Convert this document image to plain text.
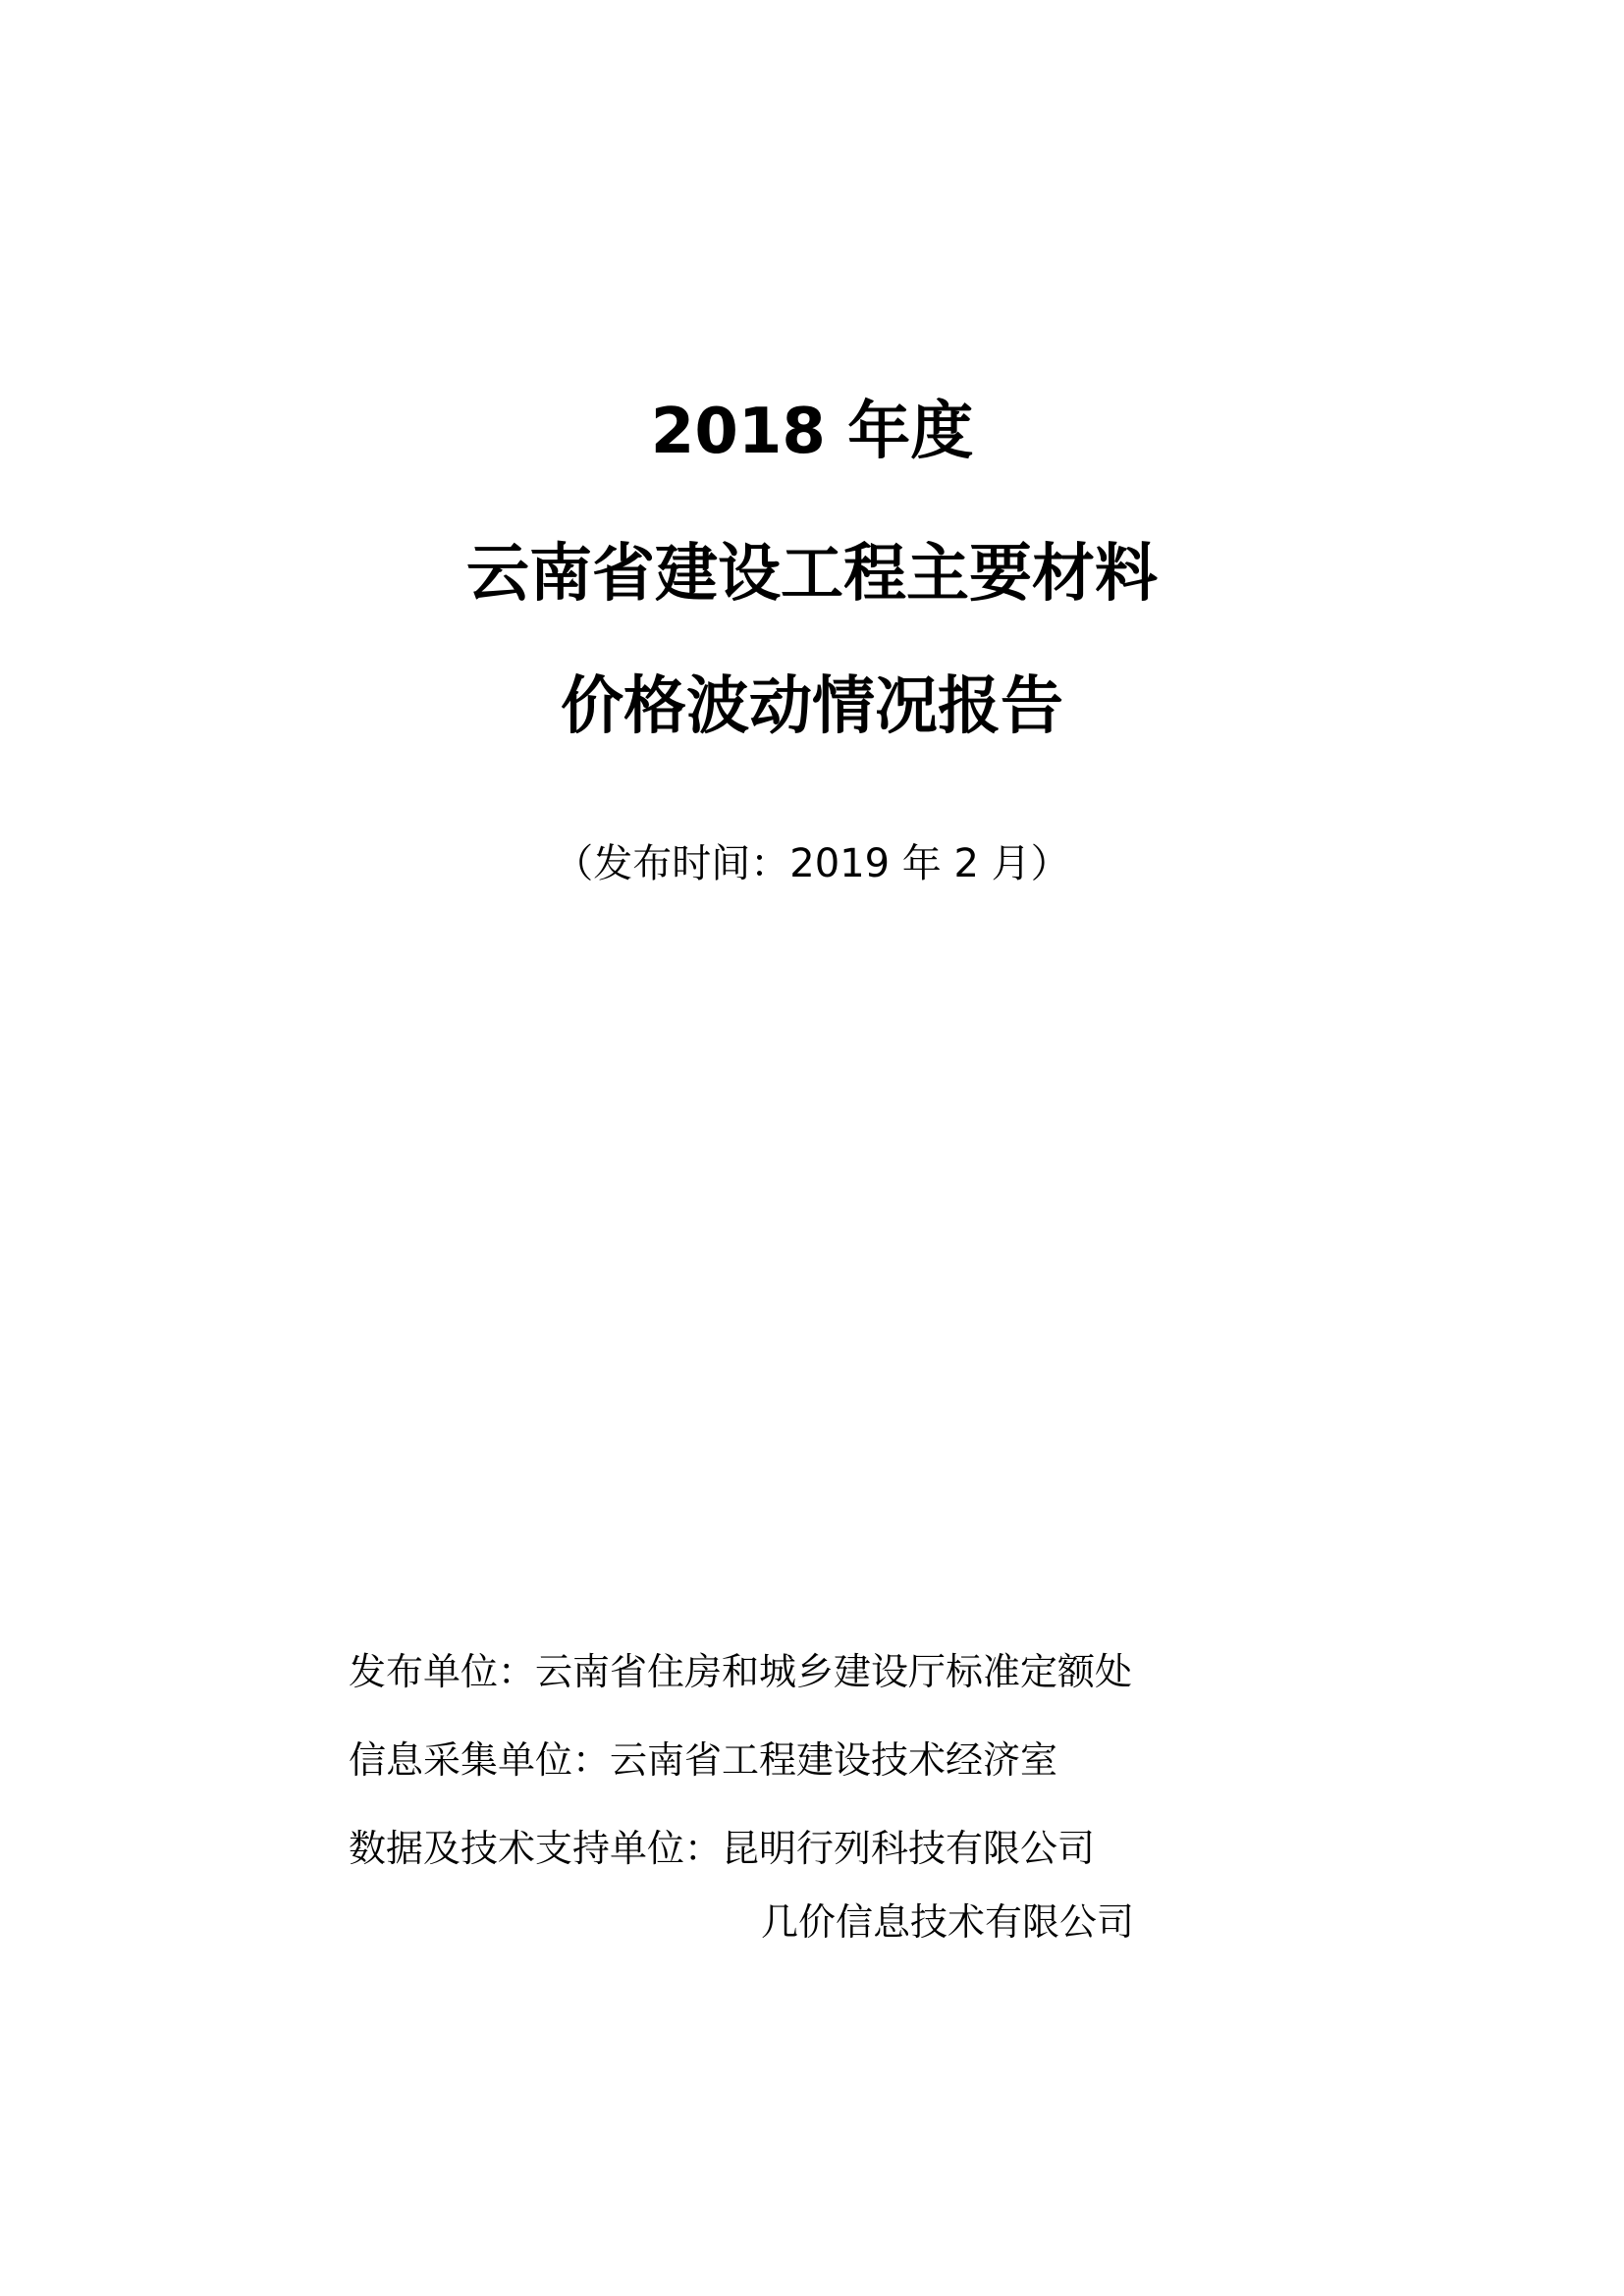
2018 年度
云南省建设工程主要材料
价格波动情况报告
（发布时间：2019 年 2 月）
发布单位：云南省住房和城乡建设厅标准定额处
信息采集单位：云南省工程建设技术经济室
数据及技术支持单位：昆明行列科技有限公司
几价信息技术有限公司
